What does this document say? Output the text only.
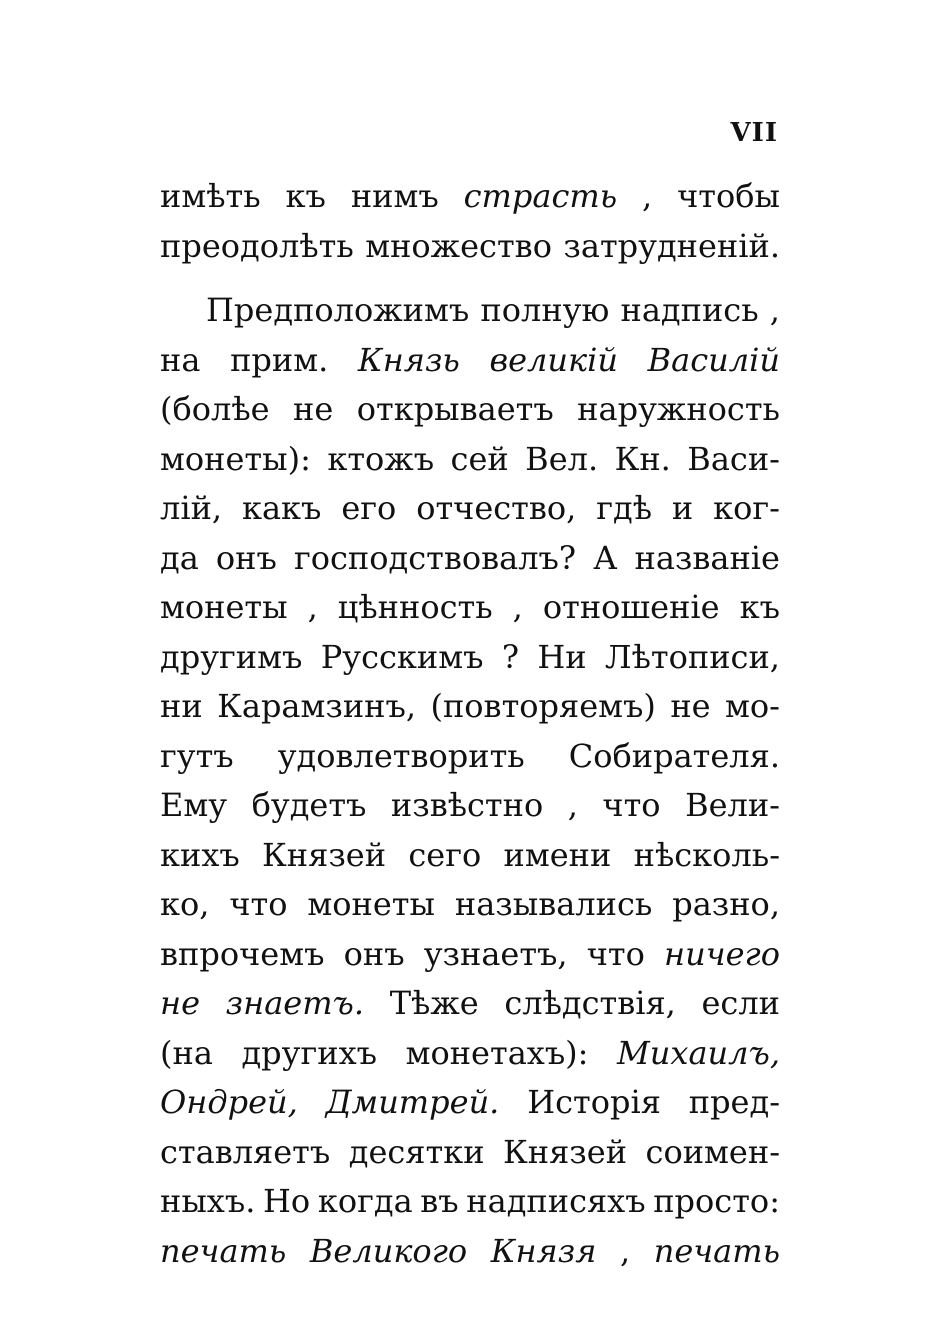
VII
имѣть къ нимъ страсть , чтобы
преодолѣть множество затрудненій.
Предположимъ полную надпись ,
на прим. Князь великій Василій
(болѣе не открываетъ наружность
монеты): ктожъ сей Вел. Кн. Васи-
лій, какъ его отчество, гдѣ и ког-
да онъ господствовалъ? А названіе
монеты , цѣнность , отношеніе къ
другимъ Русскимъ ? Ни Лѣтописи,
ни Карамзинъ, (повторяемъ) не мо-
гутъ удовлетворить Собирателя.
Ему будетъ извѣстно , что Вели-
кихъ Князей сего имени нѣсколь-
ко, что монеты назывались разно,
впрочемъ онъ узнаетъ, что ничего
не знаетъ. Тѣже слѣдствія, если
(на другихъ монетахъ): Михаилъ,
Ондрей, Дмитрей. Исторія пред-
ставляетъ десятки Князей соимен-
ныхъ. Но когда въ надписяхъ просто:
печать Великого Князя , печать
